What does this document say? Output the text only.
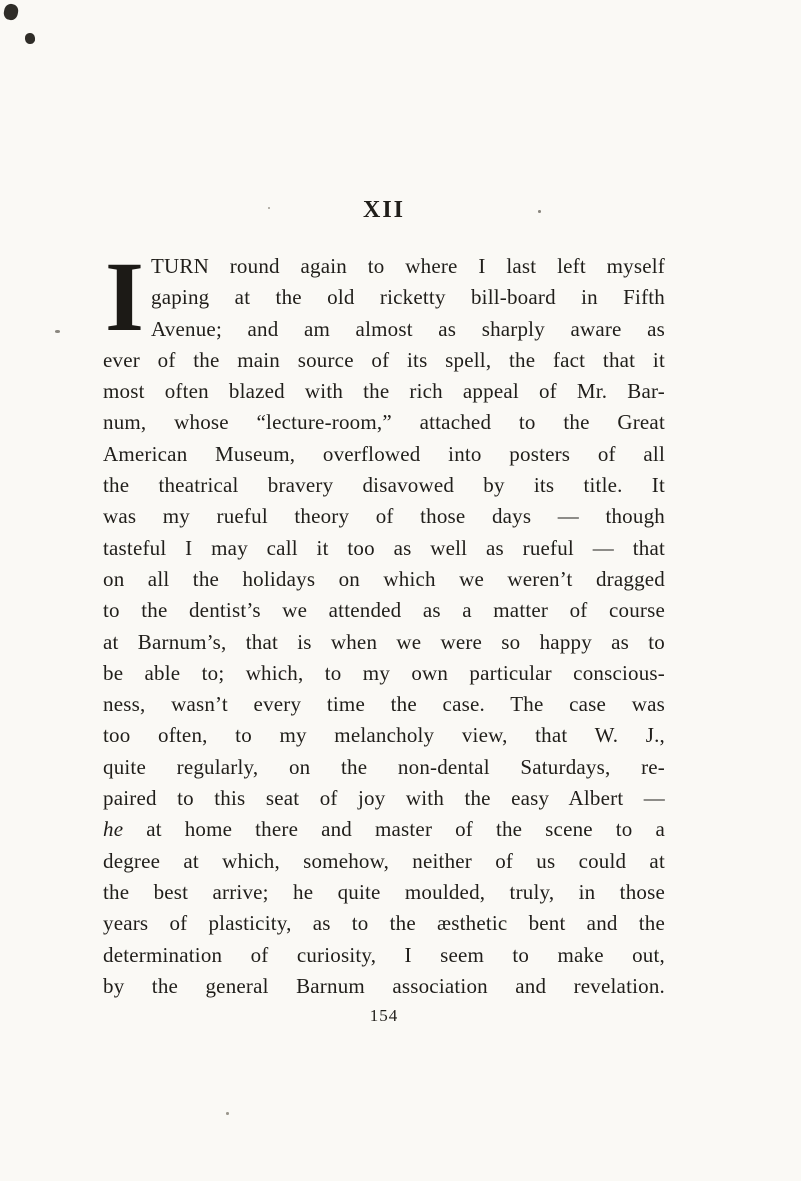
XII
I TURN round again to where I last left myself
gaping at the old ricketty bill-board in Fifth
Avenue; and am almost as sharply aware as
ever of the main source of its spell, the fact that it
most often blazed with the rich appeal of Mr. Bar-
num, whose “lecture-room,” attached to the Great
American Museum, overflowed into posters of all
the theatrical bravery disavowed by its title. It
was my rueful theory of those days — though
tasteful I may call it too as well as rueful — that
on all the holidays on which we weren’t dragged
to the dentist’s we attended as a matter of course
at Barnum’s, that is when we were so happy as to
be able to; which, to my own particular conscious-
ness, wasn’t every time the case. The case was
too often, to my melancholy view, that W. J.,
quite regularly, on the non-dental Saturdays, re-
paired to this seat of joy with the easy Albert —
he at home there and master of the scene to a
degree at which, somehow, neither of us could at
the best arrive; he quite moulded, truly, in those
years of plasticity, as to the æsthetic bent and the
determination of curiosity, I seem to make out,
by the general Barnum association and revelation.
154
